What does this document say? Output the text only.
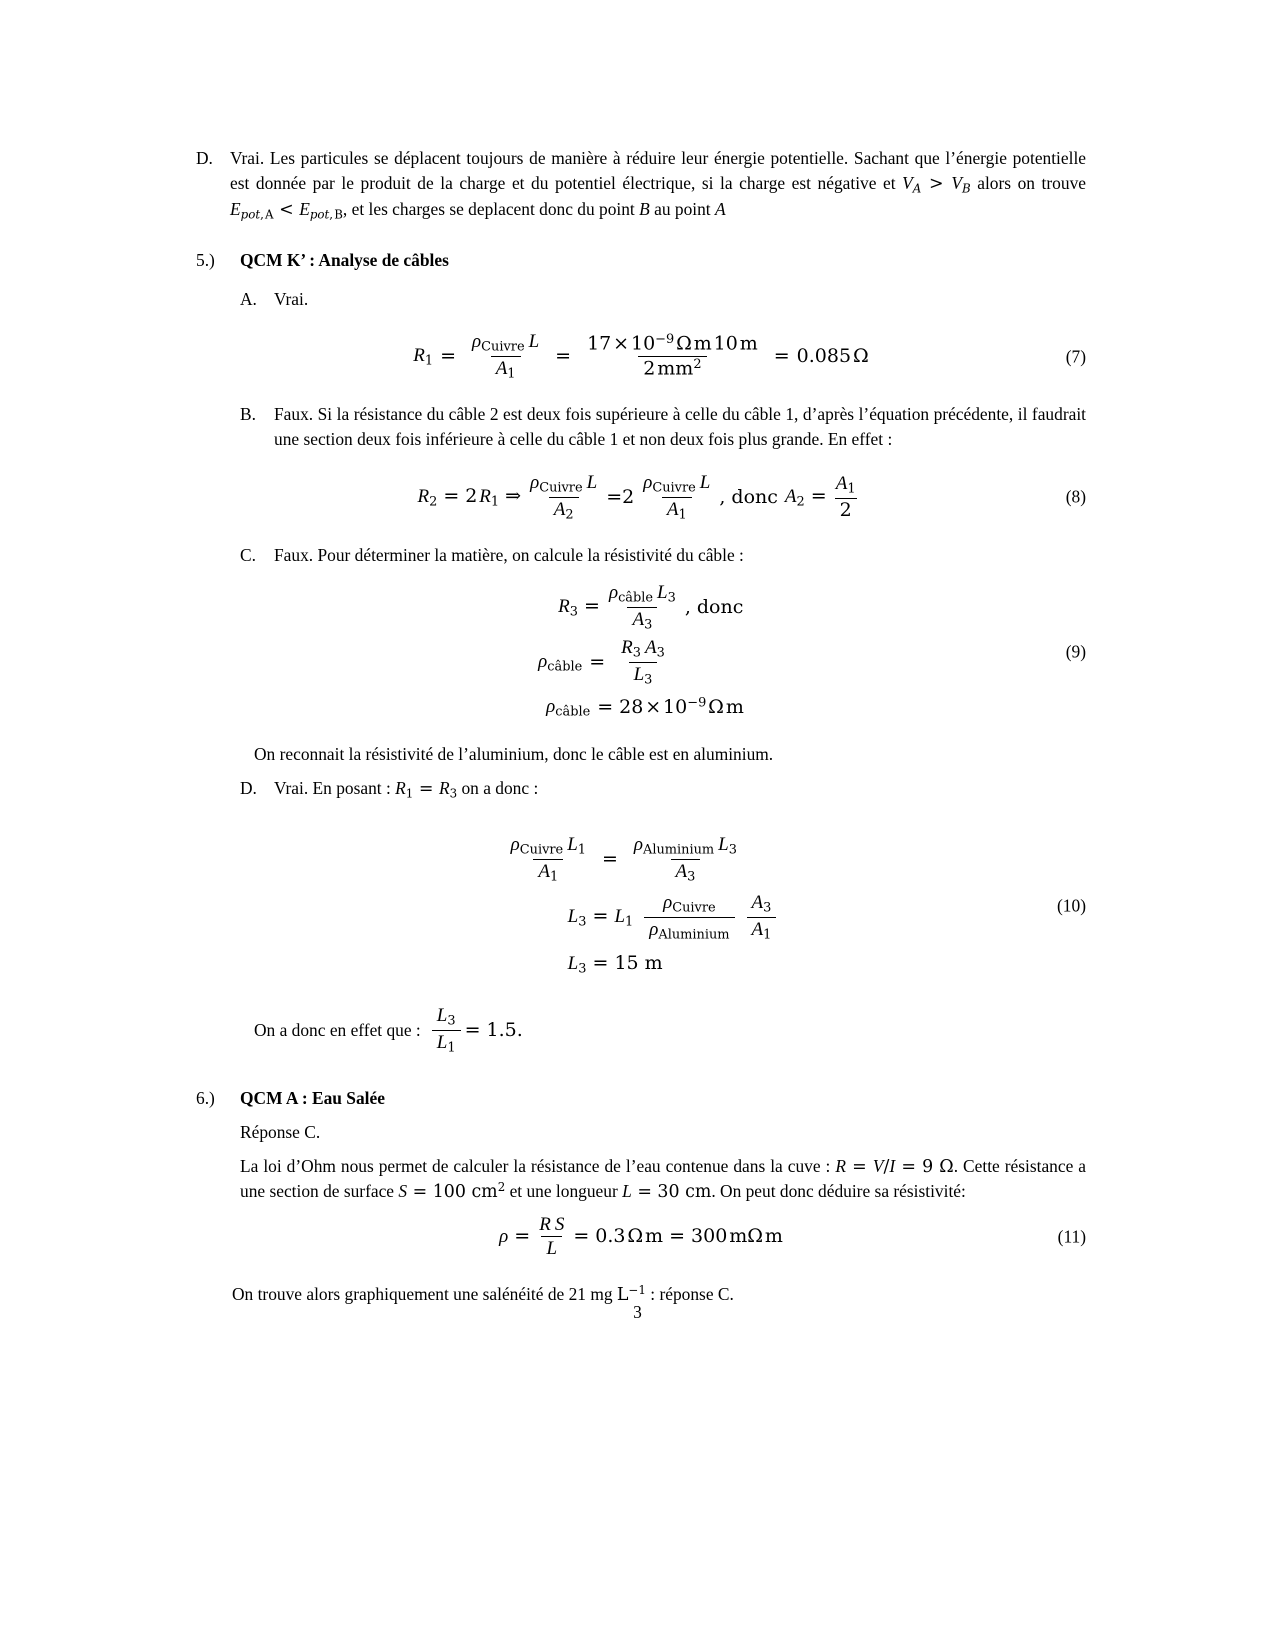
D. Vrai. Les particules se déplacent toujours de manière à réduire leur énergie potentielle. Sachant que l’énergie potentielle est donnée par le produit de la charge et du potentiel électrique, si la charge est négative et VA > VB alors on trouve Epot$_{, A}$ < Epot$_{, B}$, et les charges se deplacent donc du point B au point A
5.)	QCM K’ : Analyse de câbles
A. Vrai.
$R_1 = \frac{\rho_{Cuivre} L}{A_1} = \frac{17 \times 10^{-9} \Omega m 10 m}{2 mm^2} = 0.085$ Ω	(7)
B.	Faux. Si la résistance du câble 2 est deux fois supérieure à celle du câble 1, d’après l’équation précédente, il faudrait une section deux fois inférieure à celle du câble 1 et non deux fois plus grande. En effet :
$R_2 = 2$ $R_1$ ⇒ $\frac{\rho_{Cuivre} L}{A_2} =2 \frac{\rho_{Cuivre} L}{A_1}$ , donc $A_2 = \frac{A_1}{2}$	(8)
C.	Faux. Pour déterminer la matière, on calcule la résistivité du câble :
$R_3 = \frac{\rho_{câble} L_3}{A_3}$ , donc
$\rho_{câble} = \frac{R_3 A_3}{L_3}$
$\rho_{câble} = 28$ × $10^{-9}$ Ω m
(9)
On reconnait la résistivité de l’aluminium, donc le câble est en aluminium.
D. Vrai. En posant : $R_1 = R_3$ on a donc :
$\frac{\rho_{Cuivre} L_1}{A_1} = \frac{\rho_{Aluminium} L_3}{A_3}$
$L_3 = L_1 \frac{\rho_{Cuivre}}{\rho_{Aluminium}} \frac{A_3}{A_1}$
$L_3 = 15$ m
(10)
On a donc en effet que : $\frac{L_3}{L_1} = 1.5$.
6.)	QCM A : Eau Salée
Réponse C.
La loi d’Ohm nous permet de calculer la résistance de l’eau contenue dans la cuve : R = V/I = 9 Ω. Cette résistance a une section de surface S = 100 $cm^2$ et une longueur L = 30 cm. On peut donc déduire sa résistivité:
$\rho = \frac{\text{R S}}{L} = 0.3$ Ω m = 300 mΩ m	(11)
On trouve alors graphiquement une salénéité de 21 mg $L^{-1}$ : réponse C.
3
